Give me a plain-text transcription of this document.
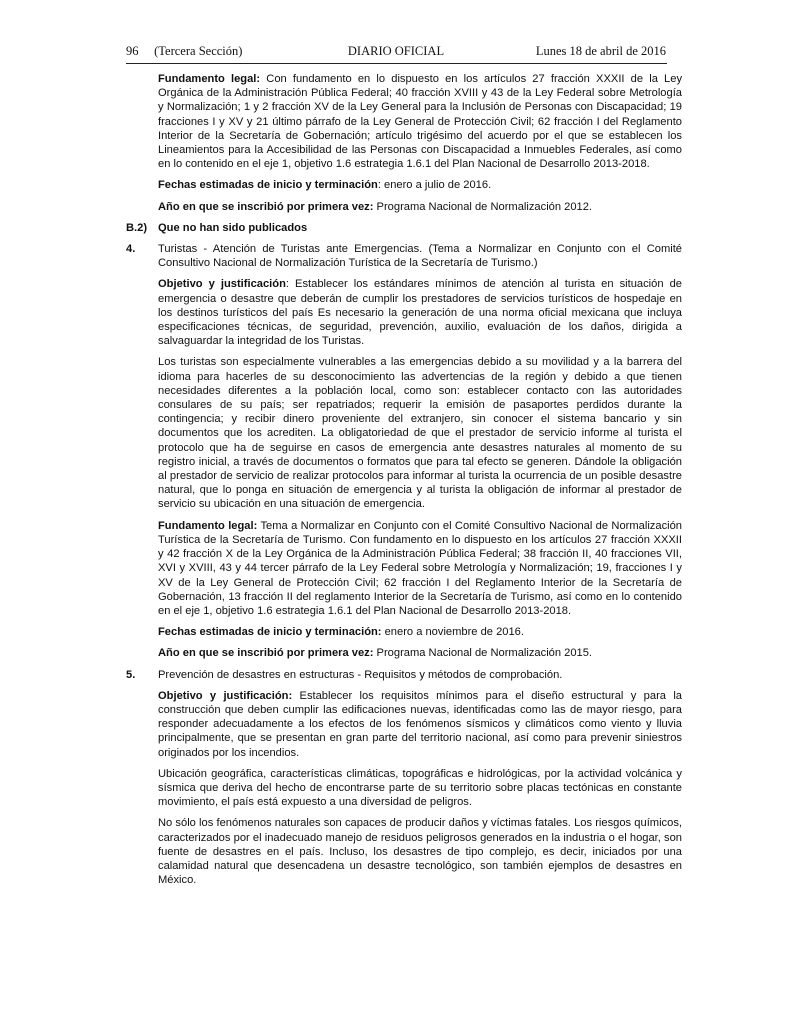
96     (Tercera Sección)	DIARIO OFICIAL	Lunes 18 de abril de 2016

Fundamento legal: Con fundamento en lo dispuesto en los artículos 27 fracción XXXII de la Ley Orgánica de la Administración Pública Federal; 40 fracción XVIII y 43 de la Ley Federal sobre Metrología y Normalización; 1 y 2 fracción XV de la Ley General para la Inclusión de Personas con Discapacidad; 19 fracciones I y XV y 21 último párrafo de la Ley General de Protección Civil; 62 fracción I del Reglamento Interior de la Secretaría de Gobernación; artículo trigésimo del acuerdo por el que se establecen los Lineamientos para la Accesibilidad de las Personas con Discapacidad a Inmuebles Federales, así como en lo contenido en el eje 1, objetivo 1.6 estrategia 1.6.1 del Plan Nacional de Desarrollo 2013-2018.

Fechas estimadas de inicio y terminación: enero a julio de 2016.

Año en que se inscribió por primera vez: Programa Nacional de Normalización 2012.

B.2) Que no han sido publicados
4. Turistas - Atención de Turistas ante Emergencias. (Tema a Normalizar en Conjunto con el Comité Consultivo Nacional de Normalización Turística de la Secretaría de Turismo.)

Objetivo y justificación: Establecer los estándares mínimos de atención al turista en situación de emergencia o desastre que deberán de cumplir los prestadores de servicios turísticos de hospedaje en los destinos turísticos del país Es necesario la generación de una norma oficial mexicana que incluya especificaciones técnicas, de seguridad, prevención, auxilio, evaluación de los daños, dirigida a salvaguardar la integridad de los Turistas.

Los turistas son especialmente vulnerables a las emergencias debido a su movilidad y a la barrera del idioma para hacerles de su desconocimiento las advertencias de la región y debido a que tienen necesidades diferentes a la población local, como son: establecer contacto con las autoridades consulares de su país; ser repatriados; requerir la emisión de pasaportes perdidos durante la contingencia; y recibir dinero proveniente del extranjero, sin conocer el sistema bancario y sin documentos que los acrediten. La obligatoriedad de que el prestador de servicio informe al turista el protocolo que ha de seguirse en casos de emergencia ante desastres naturales al momento de su registro inicial, a través de documentos o formatos que para tal efecto se generen. Dándole la obligación al prestador de servicio de realizar protocolos para informar al turista la ocurrencia de un posible desastre natural, que lo ponga en situación de emergencia y al turista la obligación de informar al prestador de servicio su ubicación en una situación de emergencia.

Fundamento legal: Tema a Normalizar en Conjunto con el Comité Consultivo Nacional de Normalización Turística de la Secretaría de Turismo. Con fundamento en lo dispuesto en los artículos 27 fracción XXXII y 42 fracción X de la Ley Orgánica de la Administración Pública Federal; 38 fracción II, 40 fracciones VII, XVI y XVIII, 43 y 44 tercer párrafo de la Ley Federal sobre Metrología y Normalización; 19, fracciones I y XV de la Ley General de Protección Civil; 62 fracción I del Reglamento Interior de la Secretaría de Gobernación, 13 fracción II del reglamento Interior de la Secretaría de Turismo, así como en lo contenido en el eje 1, objetivo 1.6 estrategia 1.6.1 del Plan Nacional de Desarrollo 2013-2018.

Fechas estimadas de inicio y terminación: enero a noviembre de 2016.

Año en que se inscribió por primera vez: Programa Nacional de Normalización 2015.

5. Prevención de desastres en estructuras - Requisitos y métodos de comprobación.

Objetivo y justificación: Establecer los requisitos mínimos para el diseño estructural y para la construcción que deben cumplir las edificaciones nuevas, identificadas como las de mayor riesgo, para responder adecuadamente a los efectos de los fenómenos sísmicos y climáticos como viento y lluvia principalmente, que se presentan en gran parte del territorio nacional, así como para prevenir siniestros originados por los incendios.

Ubicación geográfica, características climáticas, topográficas e hidrológicas, por la actividad volcánica y sísmica que deriva del hecho de encontrarse parte de su territorio sobre placas tectónicas en constante movimiento, el país está expuesto a una diversidad de peligros.

No sólo los fenómenos naturales son capaces de producir daños y víctimas fatales. Los riesgos químicos, caracterizados por el inadecuado manejo de residuos peligrosos generados en la industria o el hogar, son fuente de desastres en el país. Incluso, los desastres de tipo complejo, es decir, iniciados por una calamidad natural que desencadena un desastre tecnológico, son también ejemplos de desastres en México.
